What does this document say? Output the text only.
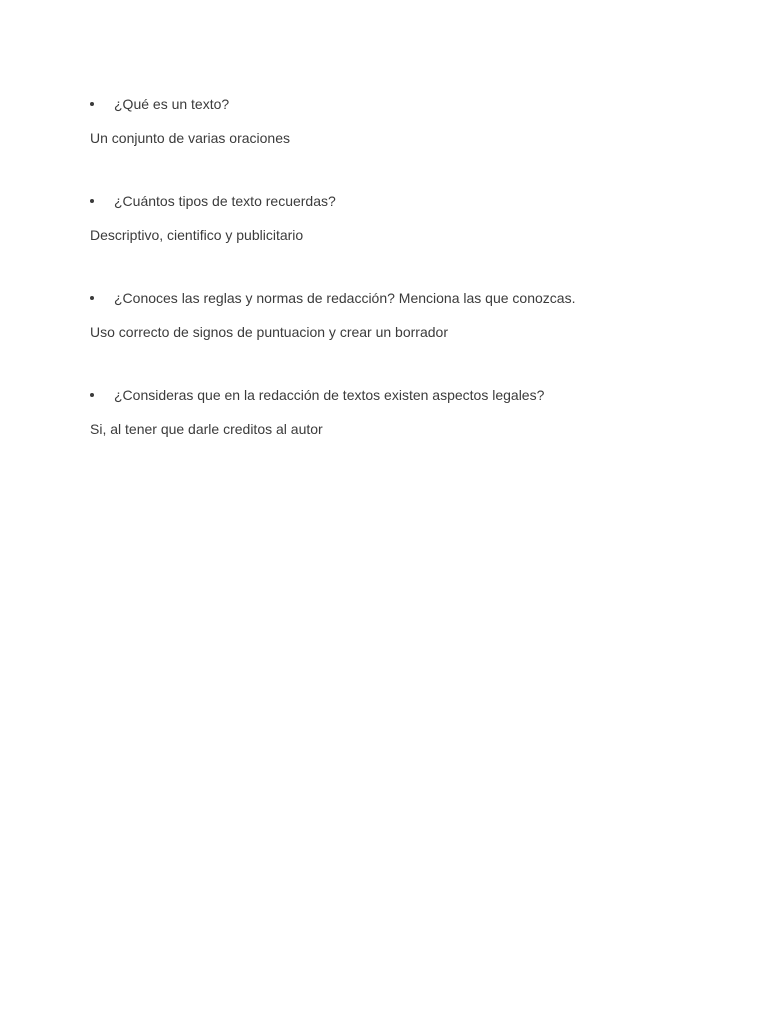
¿Qué es un texto?
Un conjunto de varias oraciones
¿Cuántos tipos de texto recuerdas?
Descriptivo, cientifico y publicitario
¿Conoces las reglas y normas de redacción? Menciona las que conozcas.
Uso correcto de signos de puntuacion y crear un borrador
¿Consideras que en la redacción de textos existen aspectos legales?
Si, al tener que darle creditos al autor
